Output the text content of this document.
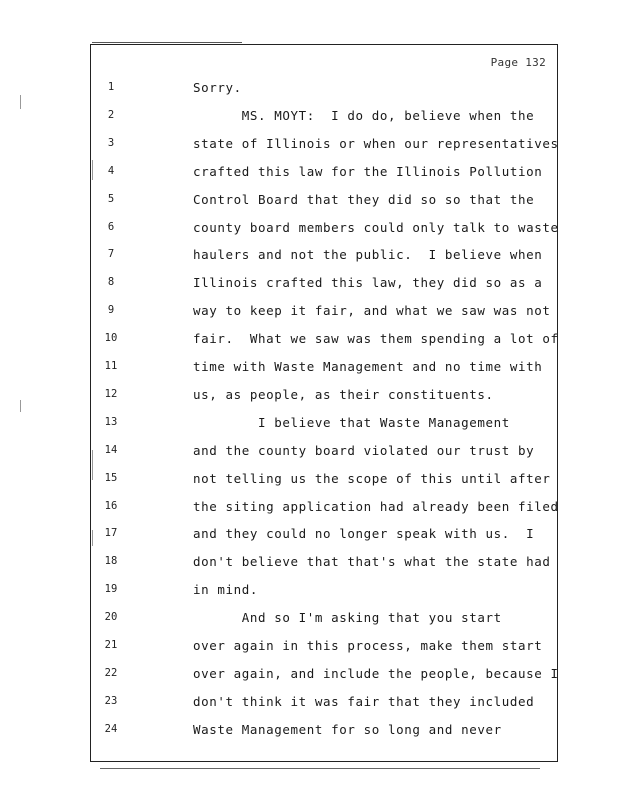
Page 132
1	Sorry.
2	MS. MOYT:  I do do, believe when the
3	state of Illinois or when our representatives
4	crafted this law for the Illinois Pollution
5	Control Board that they did so so that the
6	county board members could only talk to waste
7	haulers and not the public.  I believe when
8	Illinois crafted this law, they did so as a
9	way to keep it fair, and what we saw was not
10	fair.  What we saw was them spending a lot of
11	time with Waste Management and no time with
12	us, as people, as their constituents.
13	I believe that Waste Management
14	and the county board violated our trust by
15	not telling us the scope of this until after
16	the siting application had already been filed
17	and they could no longer speak with us.  I
18	don't believe that that's what the state had
19	in mind.
20	And so I'm asking that you start
21	over again in this process, make them start
22	over again, and include the people, because I
23	don't think it was fair that they included
24	Waste Management for so long and never
